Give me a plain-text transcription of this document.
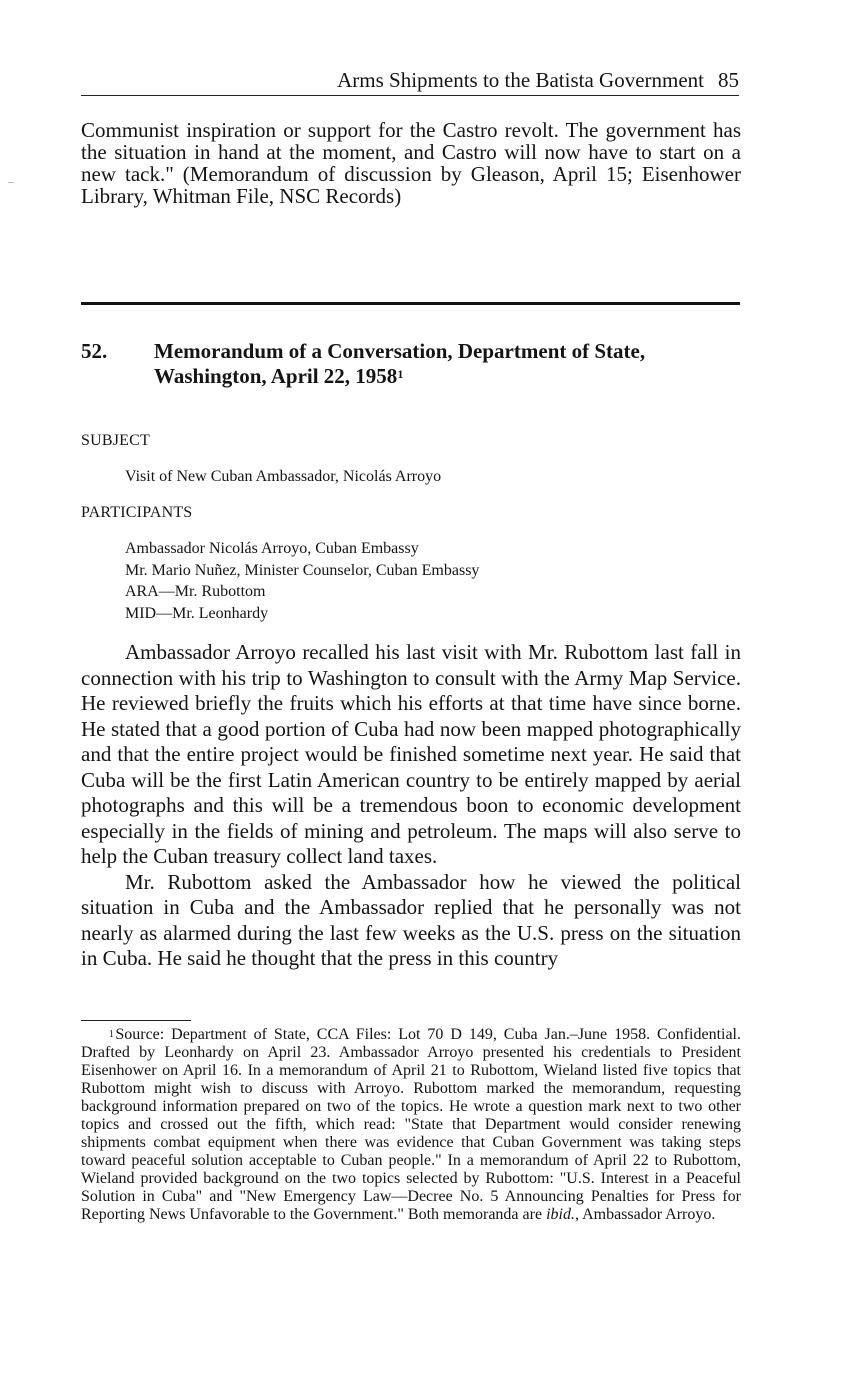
Arms Shipments to the Batista Government 85
Communist inspiration or support for the Castro revolt. The government has the situation in hand at the moment, and Castro will now have to start on a new tack." (Memorandum of discussion by Gleason, April 15; Eisenhower Library, Whitman File, NSC Records)
52. Memorandum of a Conversation, Department of State,
Washington, April 22, 1958$^1$
SUBJECT
Visit of New Cuban Ambassador, Nicolás Arroyo
PARTICIPANTS
Ambassador Nicolás Arroyo, Cuban Embassy
Mr. Mario Nuñez, Minister Counselor, Cuban Embassy
ARA—Mr. Rubottom
MID—Mr. Leonhardy

Ambassador Arroyo recalled his last visit with Mr. Rubottom last fall in connection with his trip to Washington to consult with the Army Map Service. He reviewed briefly the fruits which his efforts at that time have since borne. He stated that a good portion of Cuba had now been mapped photographically and that the entire project would be finished sometime next year. He said that Cuba will be the first Latin American country to be entirely mapped by aerial photographs and this will be a tremendous boon to economic development especially in the fields of mining and petroleum. The maps will also serve to help the Cuban treasury collect land taxes.

Mr. Rubottom asked the Ambassador how he viewed the political situation in Cuba and the Ambassador replied that he personally was not nearly as alarmed during the last few weeks as the U.S. press on the situation in Cuba. He said he thought that the press in this country

$^1$ Source: Department of State, CCA Files: Lot 70 D 149, Cuba Jan.–June 1958. Confidential. Drafted by Leonhardy on April 23. Ambassador Arroyo presented his credentials to President Eisenhower on April 16. In a memorandum of April 21 to Rubottom, Wieland listed five topics that Rubottom might wish to discuss with Arroyo. Rubottom marked the memorandum, requesting background information prepared on two of the topics. He wrote a question mark next to two other topics and crossed out the fifth, which read: "State that Department would consider renewing shipments combat equipment when there was evidence that Cuban Government was taking steps toward peaceful solution acceptable to Cuban people." In a memorandum of April 22 to Rubottom, Wieland provided background on the two topics selected by Rubottom: "U.S. Interest in a Peaceful Solution in Cuba" and "New Emergency Law—Decree No. 5 Announcing Penalties for Press for Reporting News Unfavorable to the Government." Both memoranda are ibid., Ambassador Arroyo.
